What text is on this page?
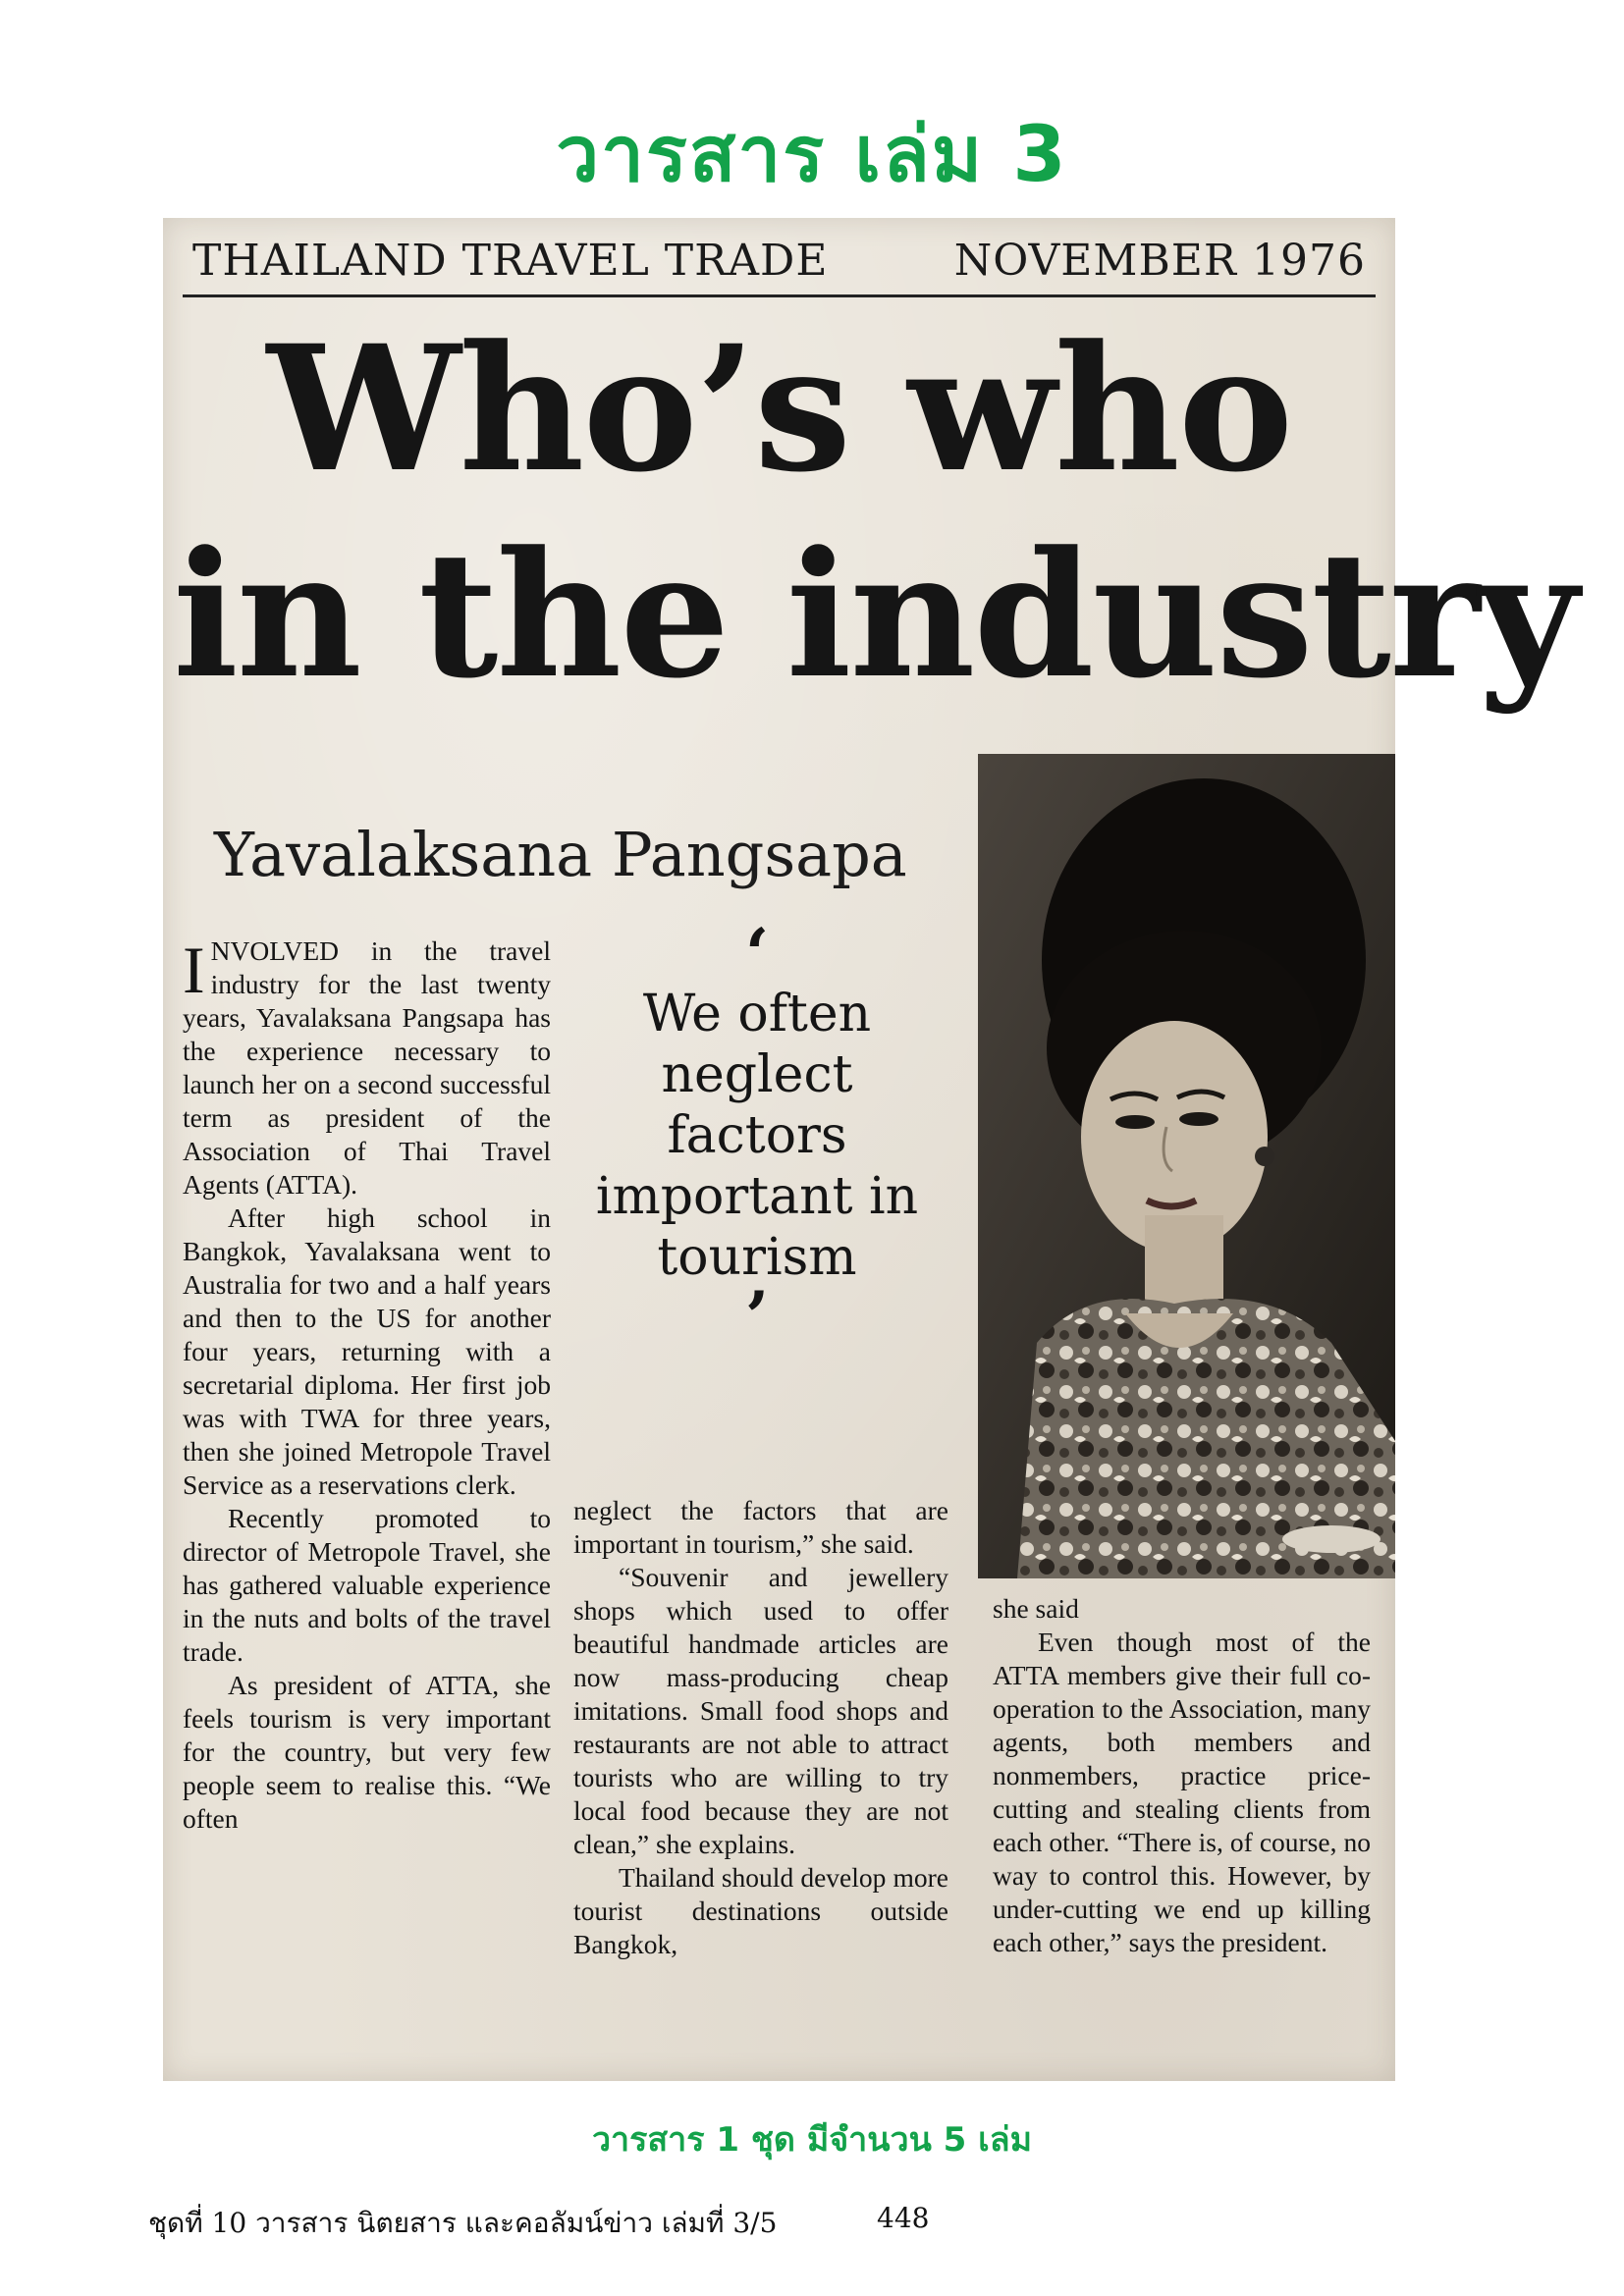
วารสาร เล่ม 3
THAILAND TRAVEL TRADE	NOVEMBER 1976
Who’s who
in the industry
Yavalaksana Pangsapa
‘
We often neglect factors important in tourism
’

INVOLVED in the travel industry for the last twenty years, Yavalaksana Pangsapa has the experience necessary to launch her on a second successful term as president of the Association of Thai Travel Agents (ATTA).

After high school in Bangkok, Yavalaksana went to Australia for two and a half years and then to the US for another four years, returning with a secretarial diploma. Her first job was with TWA for three years, then she joined Metropole Travel Service as a reservations clerk.

Recently promoted to director of Metropole Travel, she has gathered valuable experience in the nuts and bolts of the travel trade.

As president of ATTA, she feels tourism is very important for the country, but very few people seem to realise this. “We often

neglect the factors that are important in tourism,” she said.

“Souvenir and jewellery shops which used to offer beautiful handmade articles are now mass-producing cheap imitations. Small food shops and restaurants are not able to attract tourists who are willing to try local food because they are not clean,” she explains.

Thailand should develop more tourist destinations outside Bangkok,

she said

Even though most of the ATTA members give their full co-operation to the Association, many agents, both members and nonmembers, practice price-cutting and stealing clients from each other. “There is, of course, no way to control this. However, by under-cutting we end up killing each other,” says the president.

วารสาร 1 ชุด มีจำนวน 5 เล่ม
ชุดที่ 10 วารสาร นิตยสาร และคอลัมน์ข่าว เล่มที่ 3/5	448
